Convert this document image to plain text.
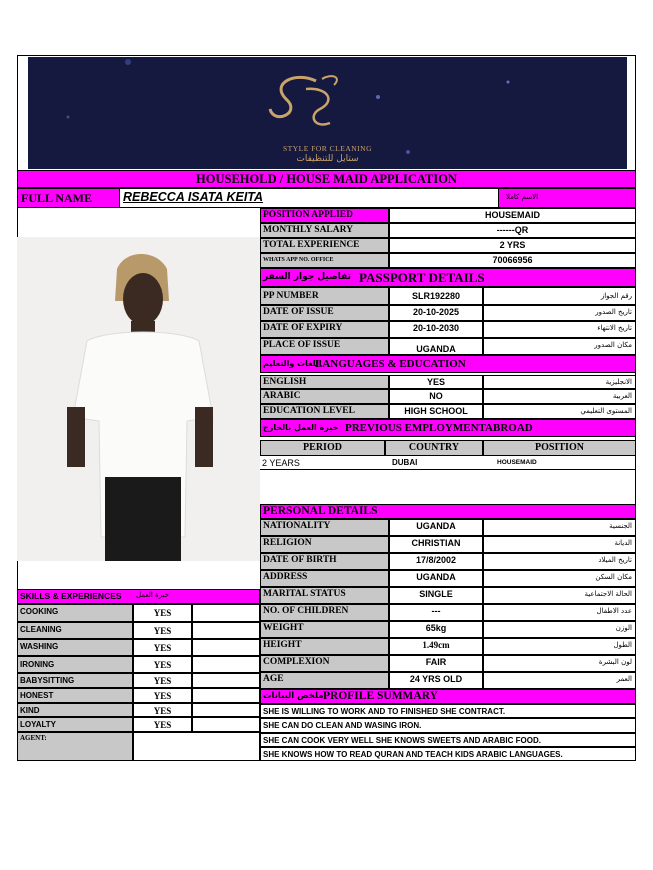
STYLE FOR CLEANING
ستايل للتنظيفات
HOUSEHOLD / HOUSE MAID APPLICATION
FULL NAME REBECCA ISATA KEITA	الاسم كاملا
POSITION APPLIED	HOUSEMAID
MONTHLY SALARY	------QR
TOTAL EXPERIENCE	2 YRS
WHATS APP NO. OFFICE	70066956
تفاصيل جواز السفر PASSPORT DETAILS
PP NUMBER	SLR192280	رقم الجواز
DATE OF ISSUE	20-10-2025	تاريخ الصدور
DATE OF EXPIRY	20-10-2030	تاريخ الانتهاء
PLACE OF ISSUE	UGANDA	مكان الصدور
اللغات والتعليم
LANGUAGES & EDUCATION
ENGLISH	YES	الانجليزية
ARABIC	NO	العربية
EDUCATION LEVEL	HIGH SCHOOL	المستوى التعليمي
خبرة العمل بالخارج PREVIOUS EMPLOYMENTABROAD
PERIOD	COUNTRY	POSITION
2 YEARS	DUBAI	HOUSEMAID
PERSONAL DETAILS
NATIONALITY	UGANDA	الجنسية
RELIGION	CHRISTIAN	الديانة
DATE OF BIRTH	17/8/2002	تاريخ الميلاد
ADDRESS	UGANDA	مكان السكن
MARITAL STATUS	SINGLE	الحالة الاجتماعية
NO. OF CHILDREN	---	عدد الاطفال
WEIGHT	65kg	الوزن
HEIGHT	1.49cm	الطول
COMPLEXION	FAIR	لون البشرة
AGE	24 YRS OLD	العمر
ملخص البيانات PROFILE SUMMARY
SHE IS WILLING TO WORK AND TO FINISHED SHE CONTRACT.
SHE CAN DO CLEAN AND WASING IRON.
SHE CAN COOK VERY WELL SHE KNOWS SWEETS AND ARABIC FOOD.
SHE KNOWS HOW TO READ QURAN AND TEACH KIDS ARABIC LANGUAGES.
SKILLS & EXPERIENCES خبرة العمل
COOKING	YES
CLEANING	YES
WASHING	YES
IRONING	YES
BABYSITTING	YES
HONEST	YES
KIND	YES
LOYALTY	YES
AGENT:
